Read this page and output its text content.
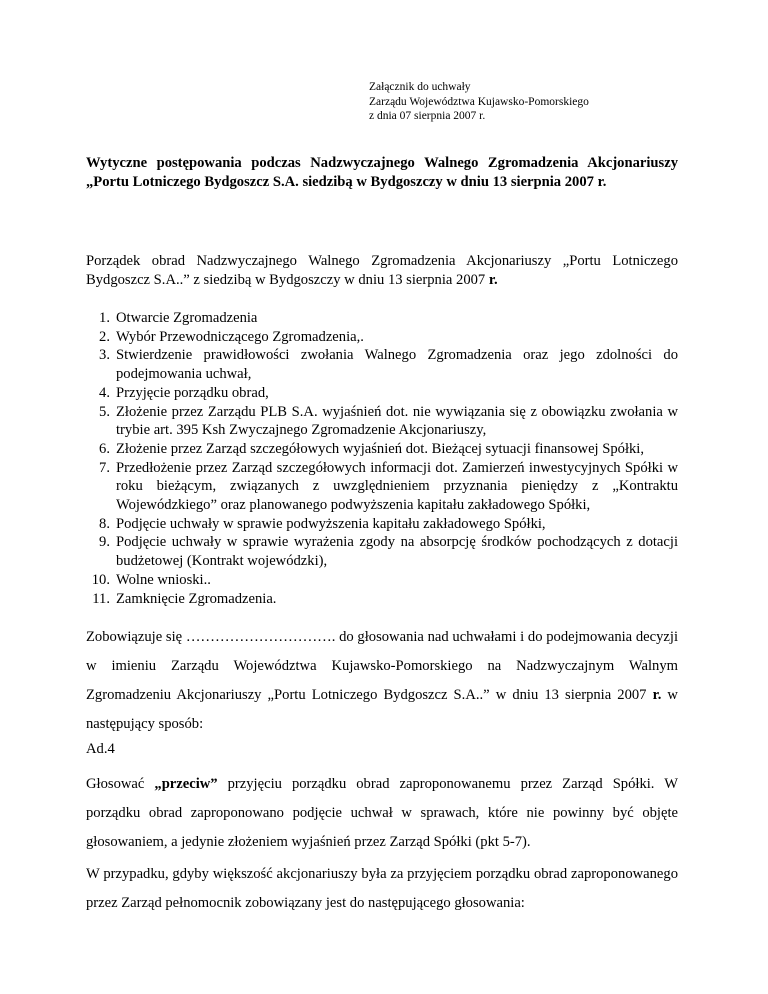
Załącznik do uchwały
Zarządu Województwa Kujawsko-Pomorskiego
z dnia 07 sierpnia 2007 r.
Wytyczne postępowania podczas Nadzwyczajnego Walnego Zgromadzenia Akcjonariuszy „Portu Lotniczego Bydgoszcz S.A. siedzibą w Bydgoszczy w dniu 13 sierpnia 2007 r.
Porządek obrad Nadzwyczajnego Walnego Zgromadzenia Akcjonariuszy „Portu Lotniczego Bydgoszcz S.A..” z siedzibą w Bydgoszczy w dniu 13 sierpnia 2007 r.
1. Otwarcie Zgromadzenia
2. Wybór Przewodniczącego Zgromadzenia,.
3. Stwierdzenie prawidłowości zwołania Walnego Zgromadzenia oraz jego zdolności do podejmowania uchwał,
4. Przyjęcie porządku obrad,
5. Złożenie przez Zarządu PLB S.A. wyjaśnień dot. nie wywiązania się z obowiązku zwołania w trybie art. 395 Ksh Zwyczajnego Zgromadzenie Akcjonariuszy,
6. Złożenie przez Zarząd szczegółowych wyjaśnień dot. Bieżącej sytuacji finansowej Spółki,
7. Przedłożenie przez Zarząd szczegółowych informacji dot. Zamierzeń inwestycyjnych Spółki w roku bieżącym, związanych z uwzględnieniem przyznania pieniędzy z „Kontraktu Wojewódzkiego” oraz planowanego podwyższenia kapitału zakładowego Spółki,
8. Podjęcie uchwały w sprawie podwyższenia kapitału zakładowego Spółki,
9. Podjęcie uchwały w sprawie wyrażenia zgody na absorpcję środków pochodzących z dotacji budżetowej (Kontrakt wojewódzki),
10. Wolne wnioski..
11. Zamknięcie Zgromadzenia.
Zobowiązuje się …………………………. do głosowania nad uchwałami i do podejmowania decyzji w imieniu Zarządu Województwa Kujawsko-Pomorskiego na Nadzwyczajnym Walnym Zgromadzeniu Akcjonariuszy „Portu Lotniczego Bydgoszcz S.A..” w dniu 13 sierpnia 2007 r. w następujący sposób:
Ad.4
Głosować „przeciw” przyjęciu porządku obrad zaproponowanemu przez Zarząd Spółki. W porządku obrad zaproponowano podjęcie uchwał w sprawach, które nie powinny być objęte głosowaniem, a jedynie złożeniem wyjaśnień przez Zarząd Spółki (pkt 5-7).
W przypadku, gdyby większość akcjonariuszy była za przyjęciem porządku obrad zaproponowanego przez Zarząd pełnomocnik zobowiązany jest do następującego głosowania:
